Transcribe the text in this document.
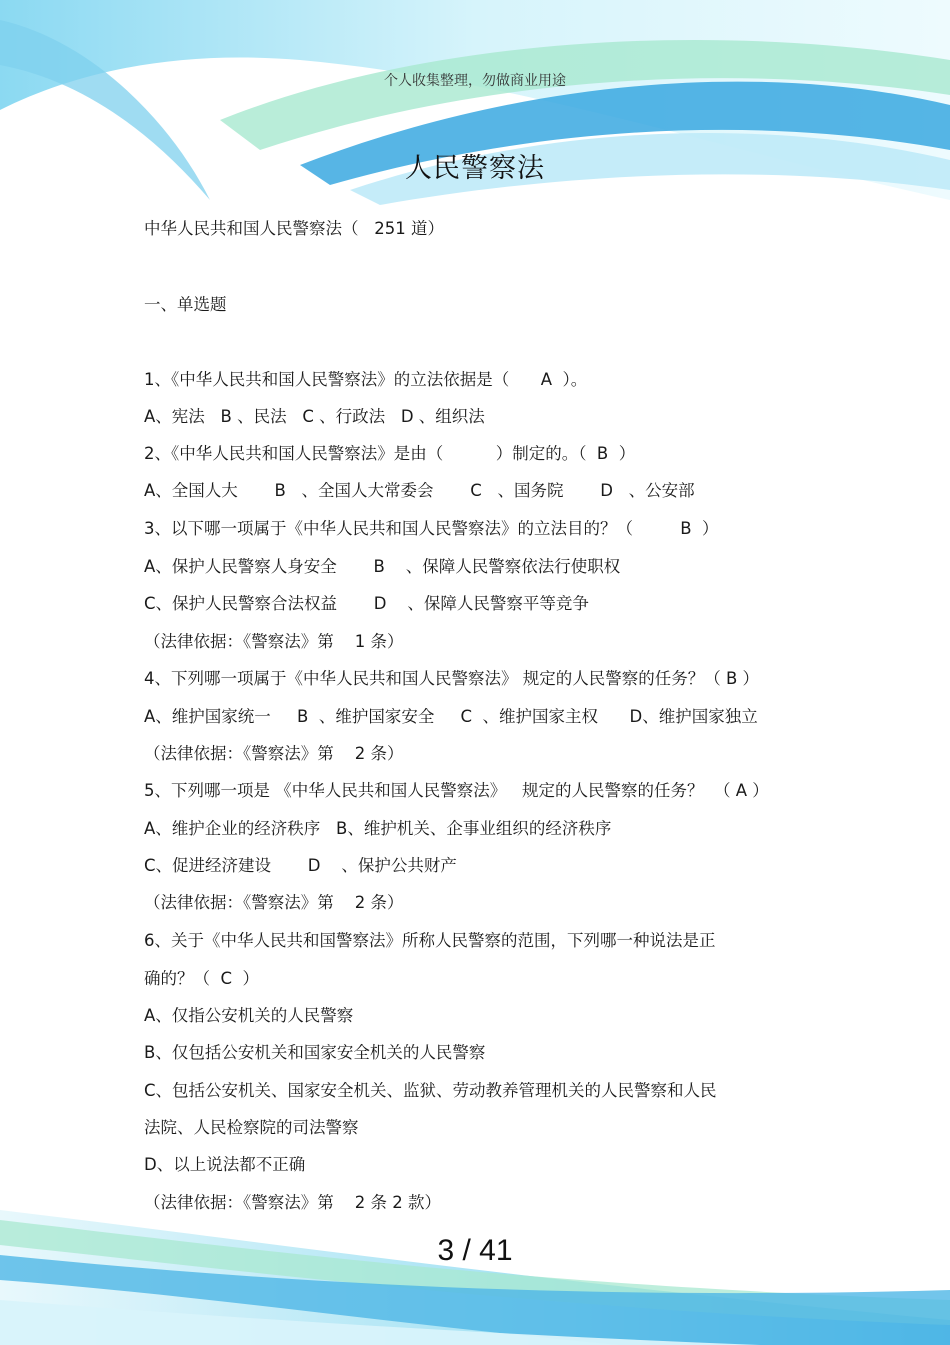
个人收集整理，勿做商业用途
人民警察法
中华人民共和国人民警察法（   251 道）
一、单选题
1、《中华人民共和国人民警察法》的立法依据是（      A  ）。
A、宪法   B 、民法   C 、行政法   D 、组织法
2、《中华人民共和国人民警察法》是由（          ）制定的。（  B  ）
A、全国人大       B   、全国人大常委会       C   、国务院       D   、公安部
3、以下哪一项属于《中华人民共和国人民警察法》的立法目的？（         B  ）
A、保护人民警察人身安全       B    、保障人民警察依法行使职权
C、保护人民警察合法权益       D    、保障人民警察平等竞争
（法律依据：《警察法》第    1 条）
4、下列哪一项属于《中华人民共和国人民警察法》 规定的人民警察的任务？（ B ）
A、维护国家统一     B  、维护国家安全     C  、维护国家主权      D、维护国家独立
（法律依据：《警察法》第    2 条）
5、下列哪一项是 《中华人民共和国人民警察法》   规定的人民警察的任务？  （ A ）
A、维护企业的经济秩序   B、维护机关、企事业组织的经济秩序
C、促进经济建设       D    、保护公共财产
（法律依据：《警察法》第    2 条）
6、关于《中华人民共和国警察法》所称人民警察的范围，下列哪一种说法是正
确的？（  C  ）
A、仅指公安机关的人民警察
B、仅包括公安机关和国家安全机关的人民警察
C、包括公安机关、国家安全机关、监狱、劳动教养管理机关的人民警察和人民
法院、人民检察院的司法警察
D、以上说法都不正确
（法律依据：《警察法》第    2 条 2 款）
3 / 41
